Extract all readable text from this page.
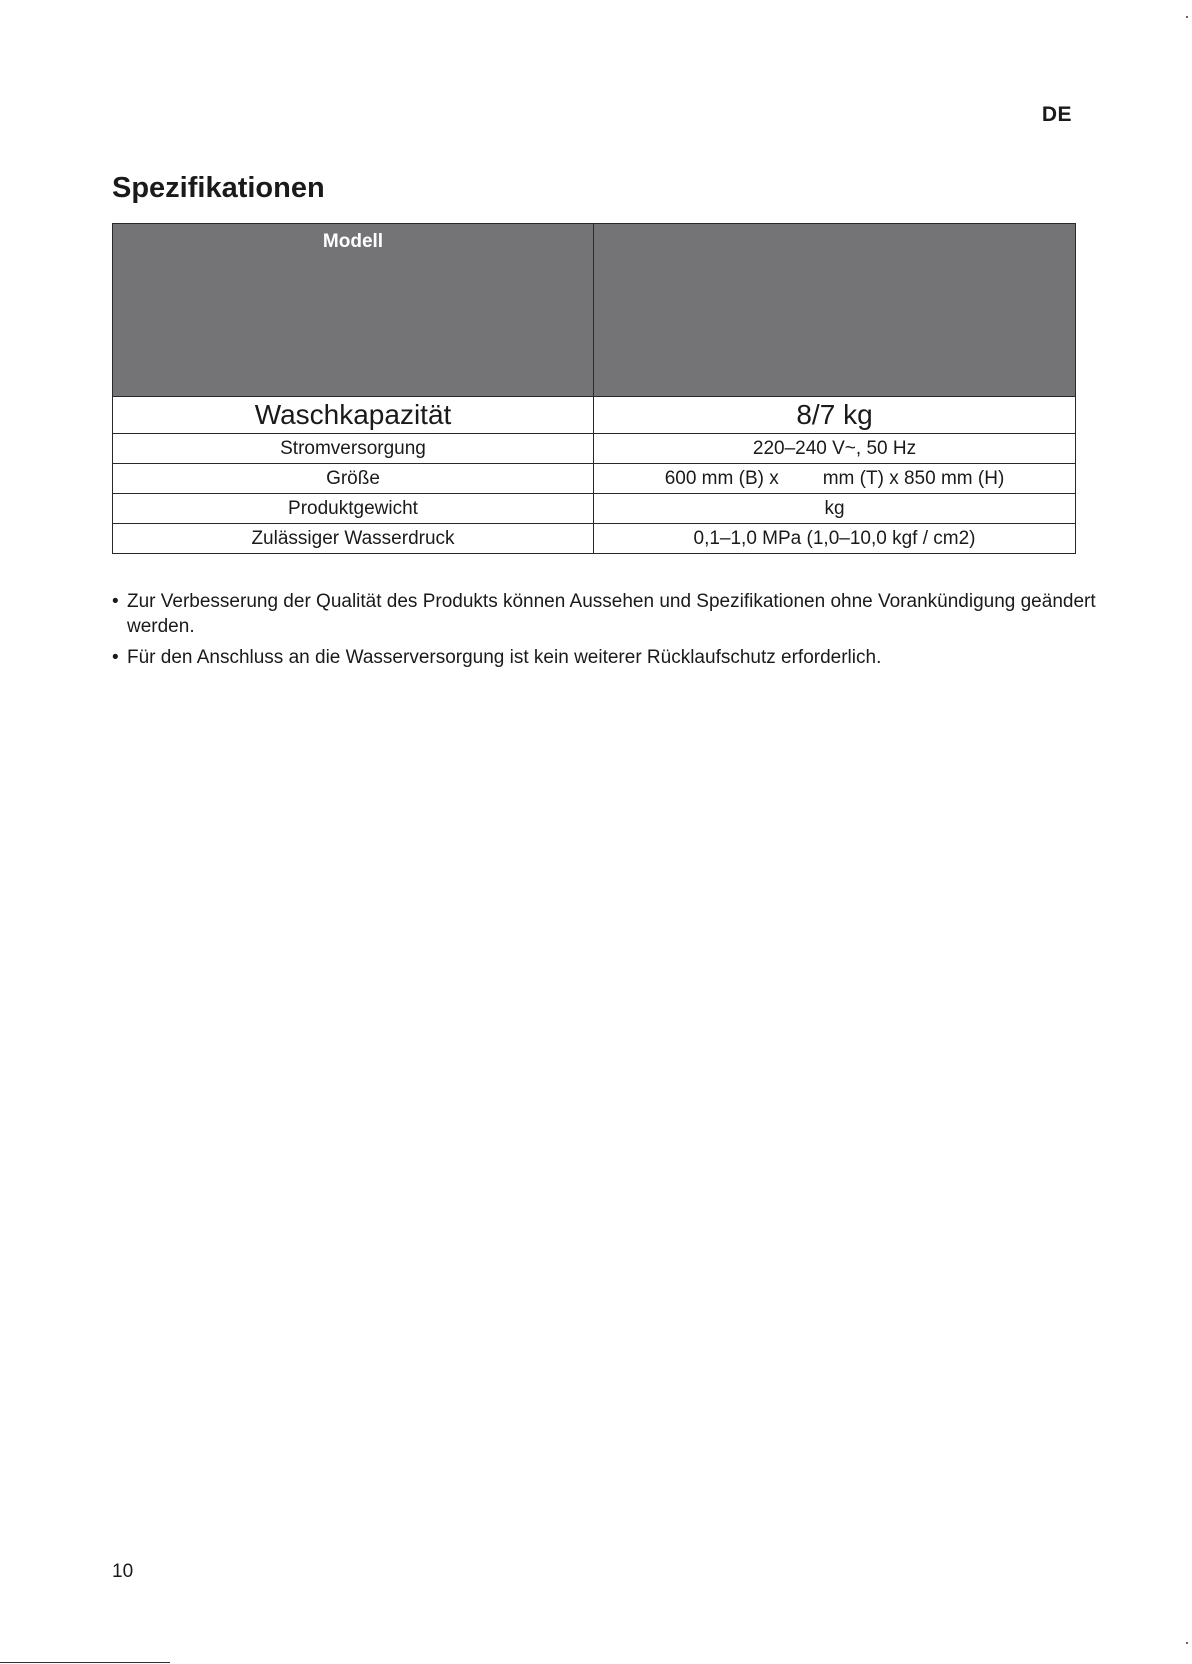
DE
Spezifikationen
Modell	

Waschkapazität	8/7 kg
Stromversorgung	220–240 V~, 50 Hz
Größe	600 mm (B) x mm (T) x 850 mm (H)
Produktgewicht	kg
Zulässiger Wasserdruck	0,1–1,0 MPa (1,0–10,0 kgf / cm2)
• Zur Verbesserung der Qualität des Produkts können Aussehen und Spezifikationen ohne Vorankündigung geändert werden.
• Für den Anschluss an die Wasserversorgung ist kein weiterer Rücklaufschutz erforderlich.
10
